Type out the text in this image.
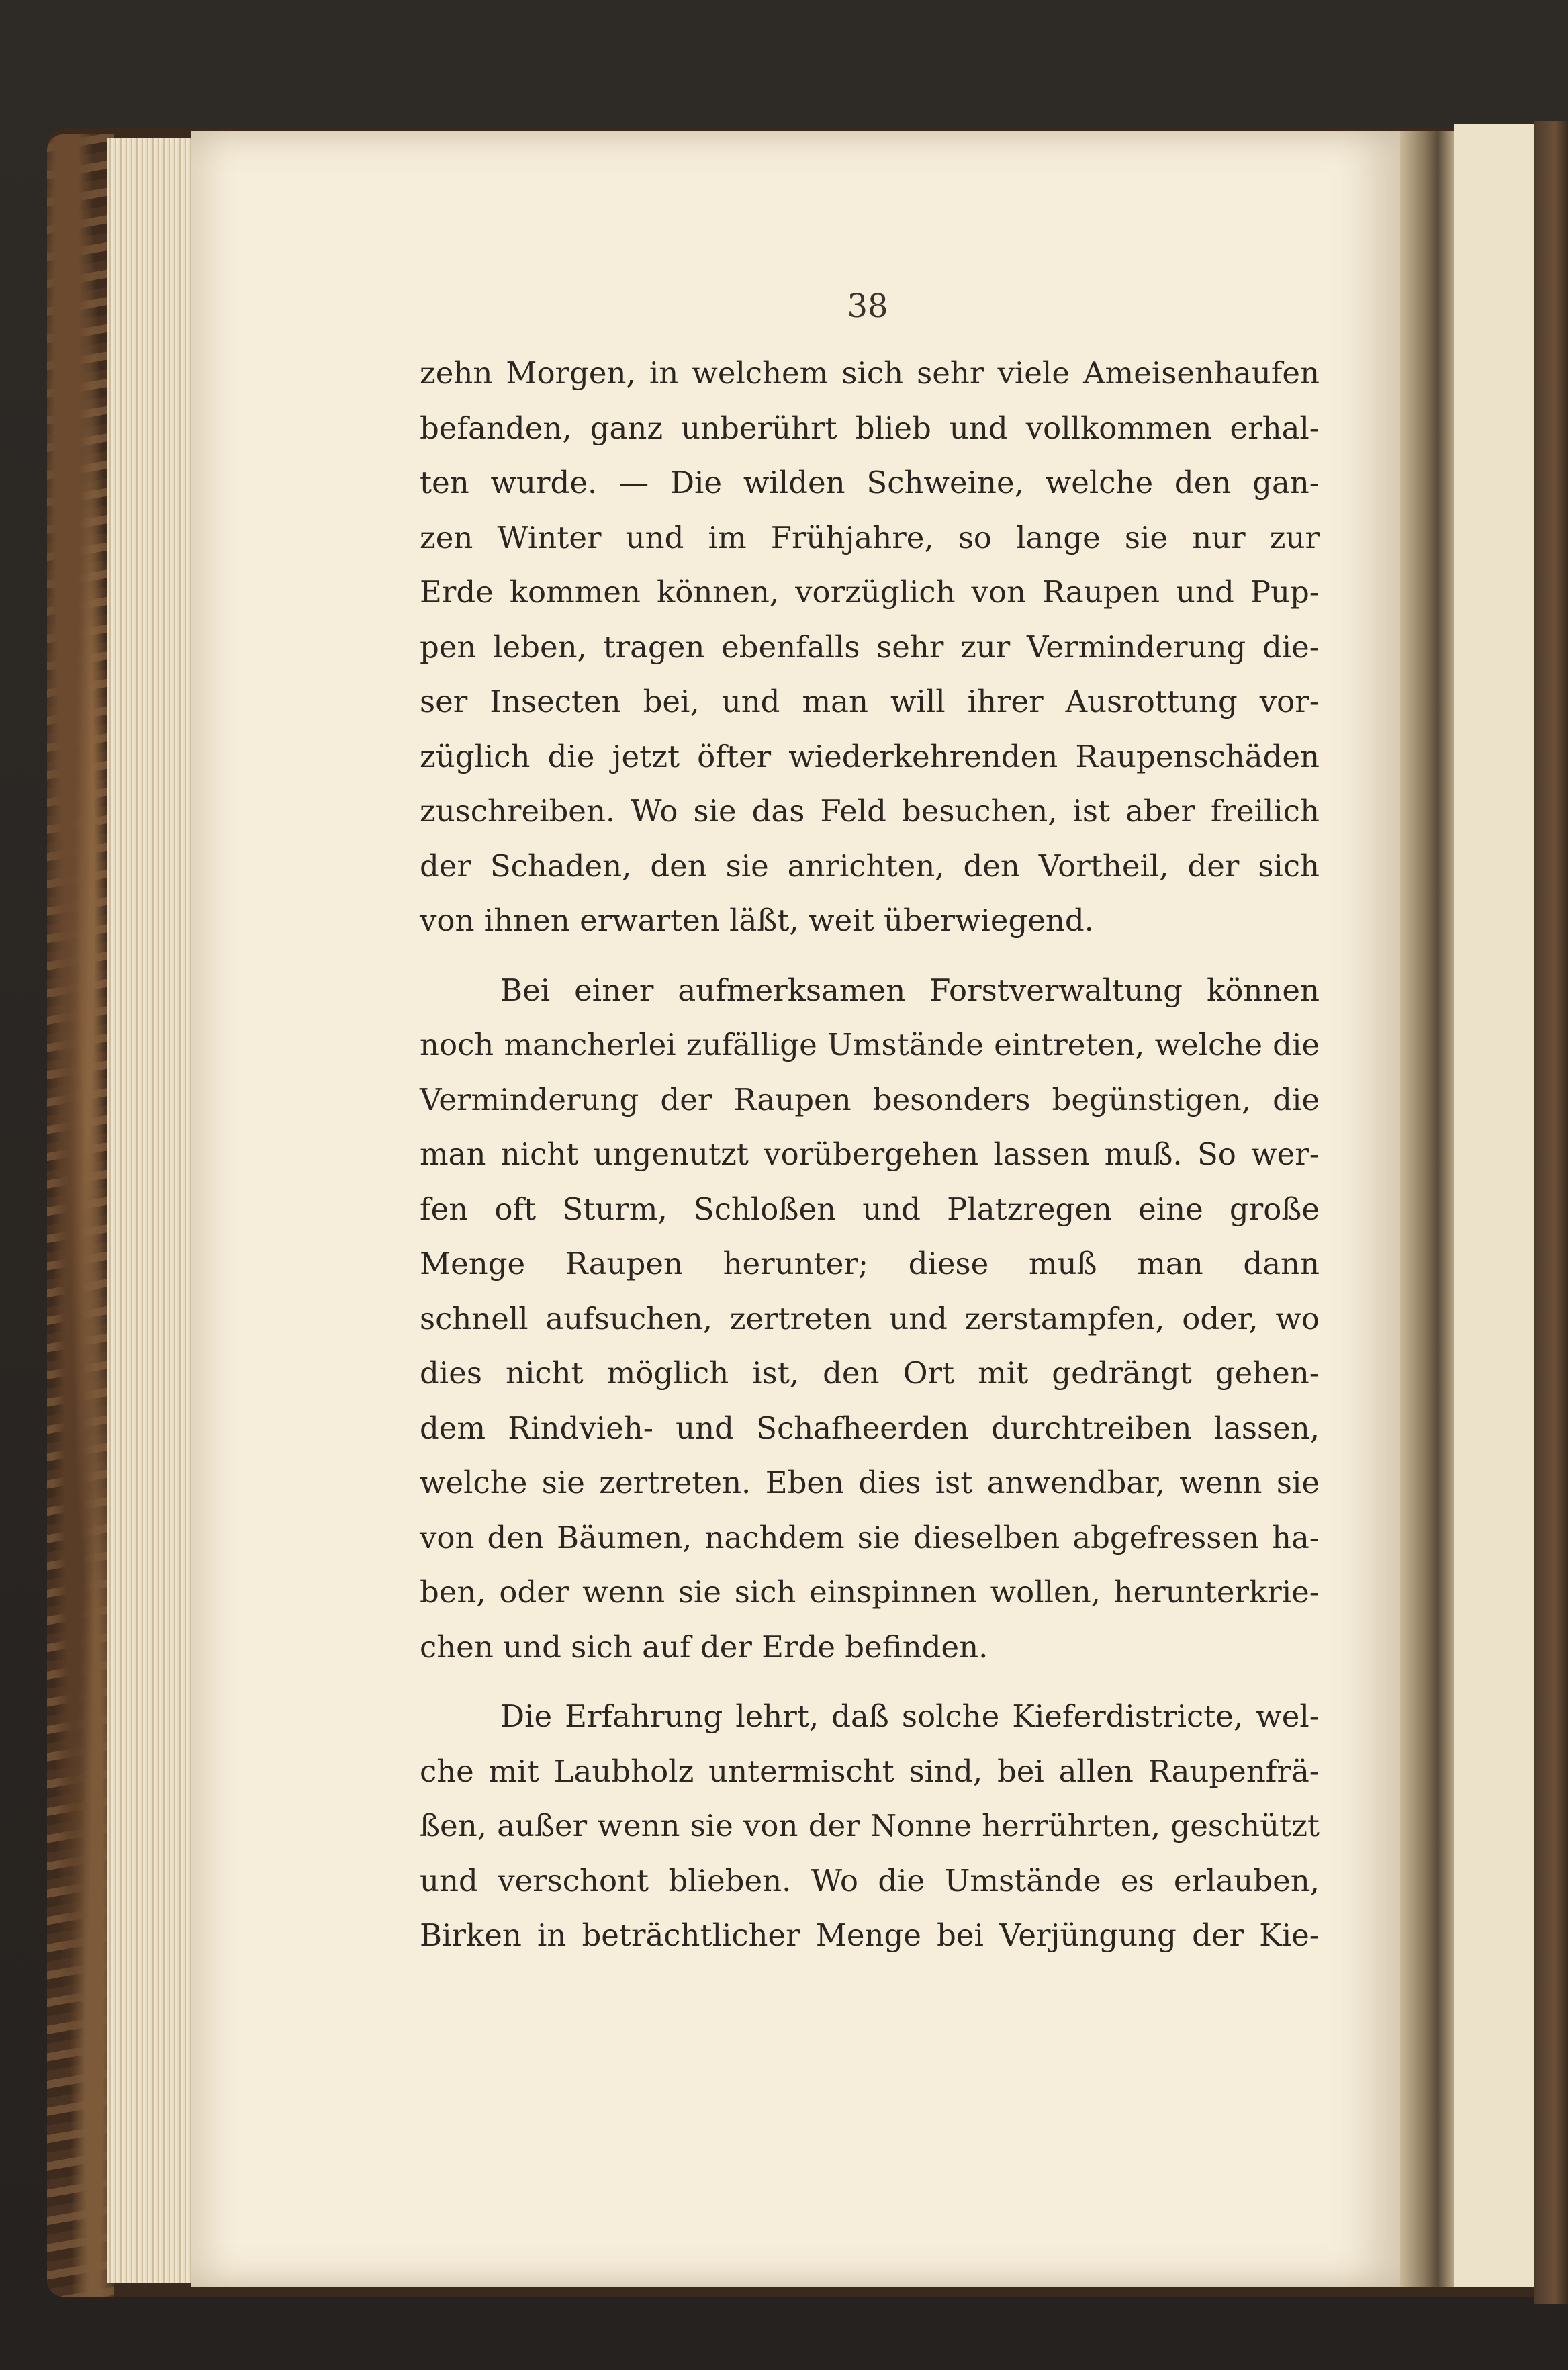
38
zehn Morgen, in welchem sich sehr viele Ameisenhaufen
befanden, ganz unberührt blieb und vollkommen erhal-
ten wurde. — Die wilden Schweine, welche den gan-
zen Winter und im Frühjahre, so lange sie nur zur
Erde kommen können, vorzüglich von Raupen und Pup-
pen leben, tragen ebenfalls sehr zur Verminderung die-
ser Insecten bei, und man will ihrer Ausrottung vor-
züglich die jetzt öfter wiederkehrenden Raupenschäden
zuschreiben. Wo sie das Feld besuchen, ist aber freilich
der Schaden, den sie anrichten, den Vortheil, der sich
von ihnen erwarten läßt, weit überwiegend.
Bei einer aufmerksamen Forstverwaltung können
noch mancherlei zufällige Umstände eintreten, welche die
Verminderung der Raupen besonders begünstigen, die
man nicht ungenutzt vorübergehen lassen muß. So wer-
fen oft Sturm, Schloßen und Platzregen eine große
Menge Raupen herunter; diese muß man dann
schnell aufsuchen, zertreten und zerstampfen, oder, wo
dies nicht möglich ist, den Ort mit gedrängt gehen-
dem Rindvieh- und Schafheerden durchtreiben lassen,
welche sie zertreten. Eben dies ist anwendbar, wenn sie
von den Bäumen, nachdem sie dieselben abgefressen ha-
ben, oder wenn sie sich einspinnen wollen, herunterkrie-
chen und sich auf der Erde befinden.
Die Erfahrung lehrt, daß solche Kieferdistricte, wel-
che mit Laubholz untermischt sind, bei allen Raupenfrä-
ßen, außer wenn sie von der Nonne herrührten, geschützt
und verschont blieben. Wo die Umstände es erlauben,
Birken in beträchtlicher Menge bei Verjüngung der Kie-
